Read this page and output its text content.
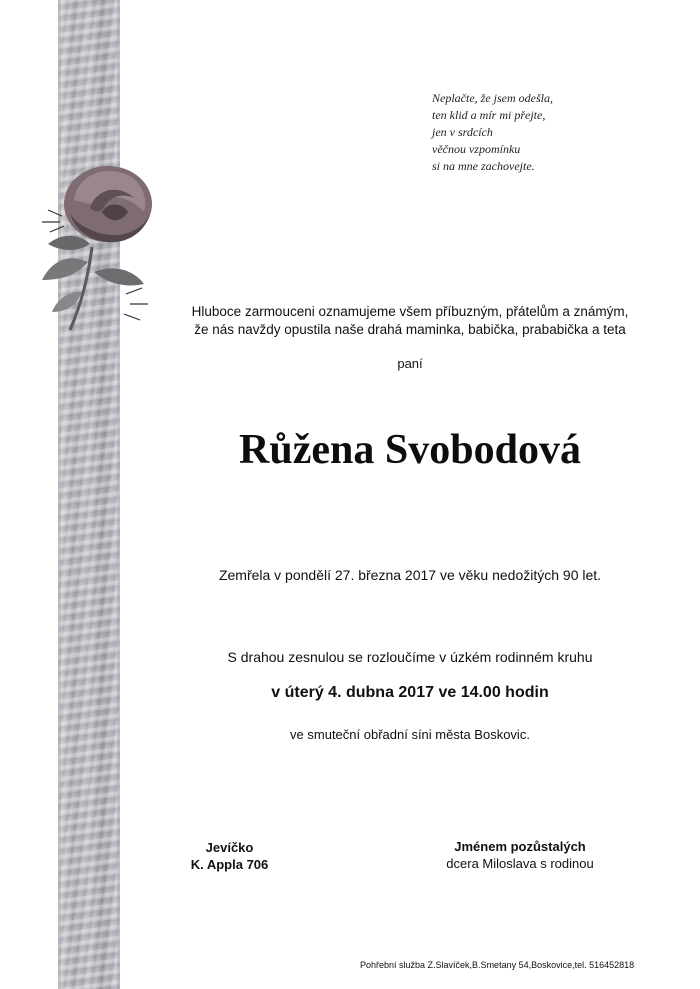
Neplačte, že jsem odešla,
ten klid a mír mi přejte,
jen v srdcích
věčnou vzpomínku
si na mne zachovejte.
Hluboce zarmouceni oznamujeme všem příbuzným, přátelům a známým,
že nás navždy opustila naše drahá maminka, babička, prababička a teta
paní
Růžena Svobodová
Zemřela v pondělí 27. března 2017 ve věku nedožitých 90 let.
S drahou zesnulou se rozloučíme v úzkém rodinném kruhu
v úterý 4. dubna 2017 ve 14.00 hodin
ve smuteční obřadní síni města Boskovic.
Jevíčko
K. Appla 706
Jménem pozůstalých
dcera Miloslava s rodinou
Pohřební služba Z.Slavíček,B.Smetany 54,Boskovice,tel. 516452818
